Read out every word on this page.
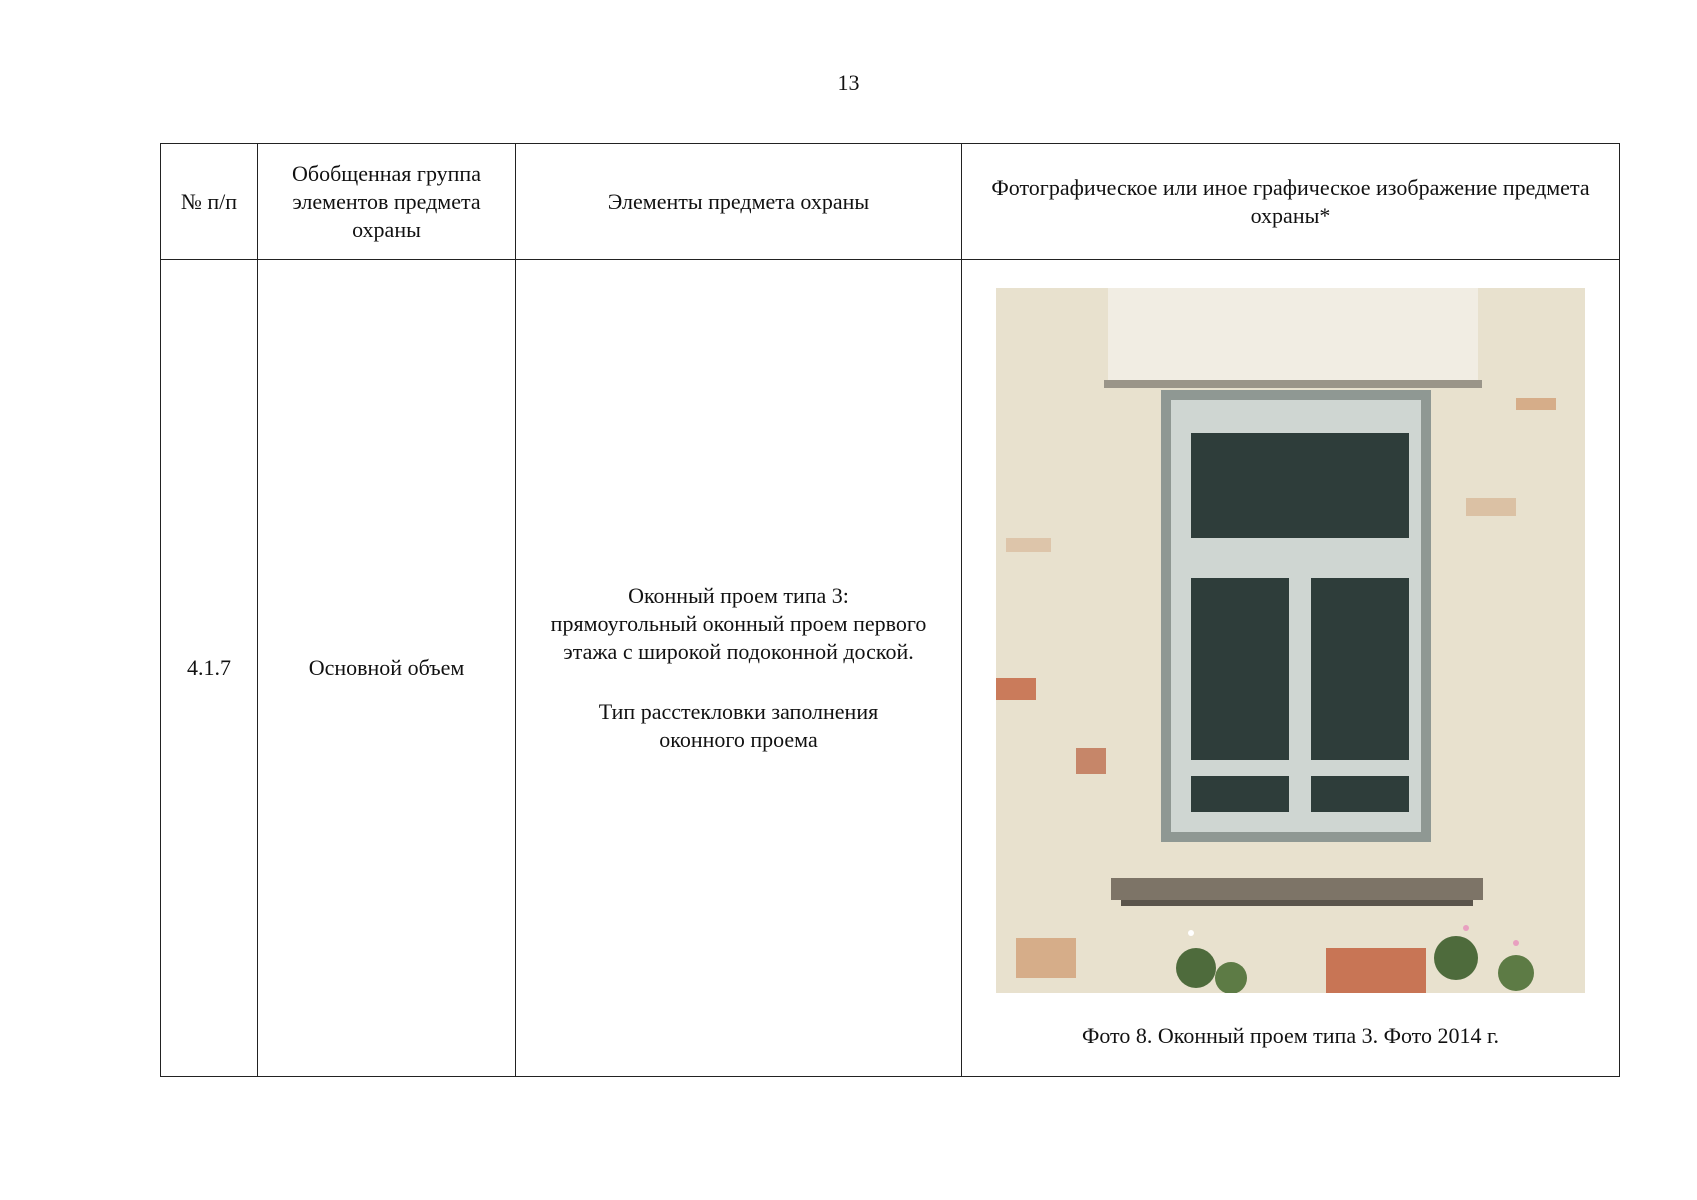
13
№ п/п	Обобщенная группа элементов предмета охраны	Элементы предмета охраны	Фотографическое или иное графическое изображение предмета охраны*
4.1.7	Основной объем	Оконный проем типа 3:

прямоугольный оконный проем первого

этажа с широкой подоконной доской.

Тип расстекловки заполнения

оконного проема	Фото 8. Оконный проем типа 3. Фото 2014 г.
